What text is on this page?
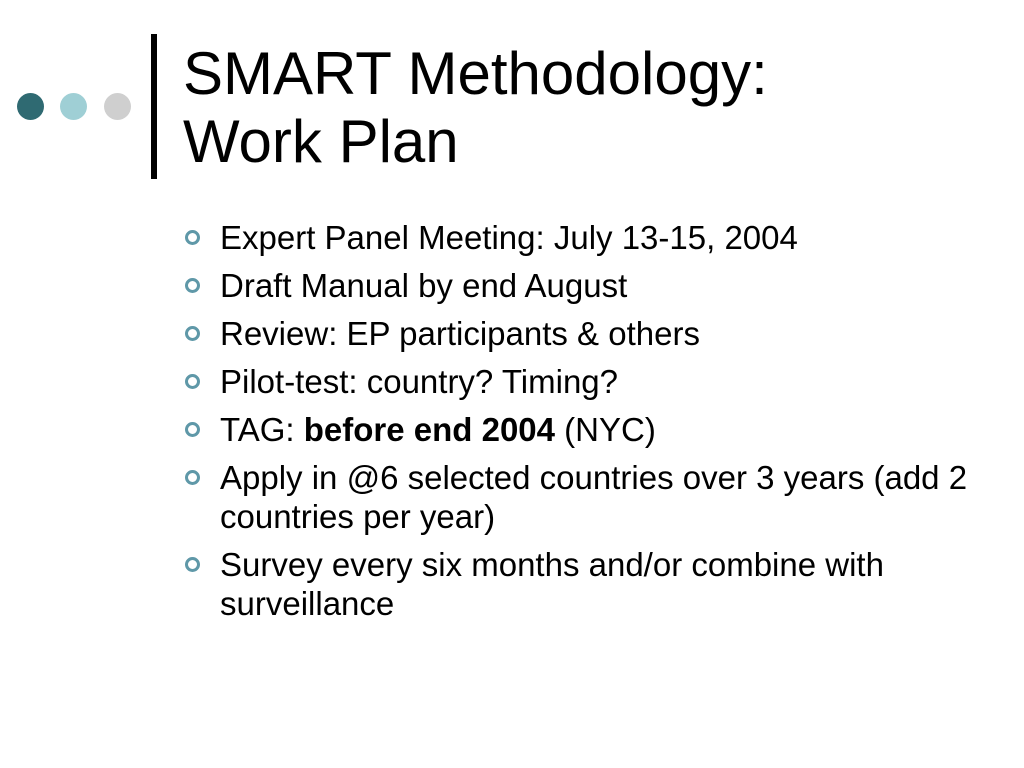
SMART Methodology:
Work Plan
Expert Panel Meeting: July 13-15, 2004
Draft Manual by end August
Review: EP participants & others
Pilot-test: country? Timing?
TAG: before end 2004 (NYC)
Apply in @6 selected countries over 3 years (add 2 countries per year)
Survey every six months and/or combine with surveillance
